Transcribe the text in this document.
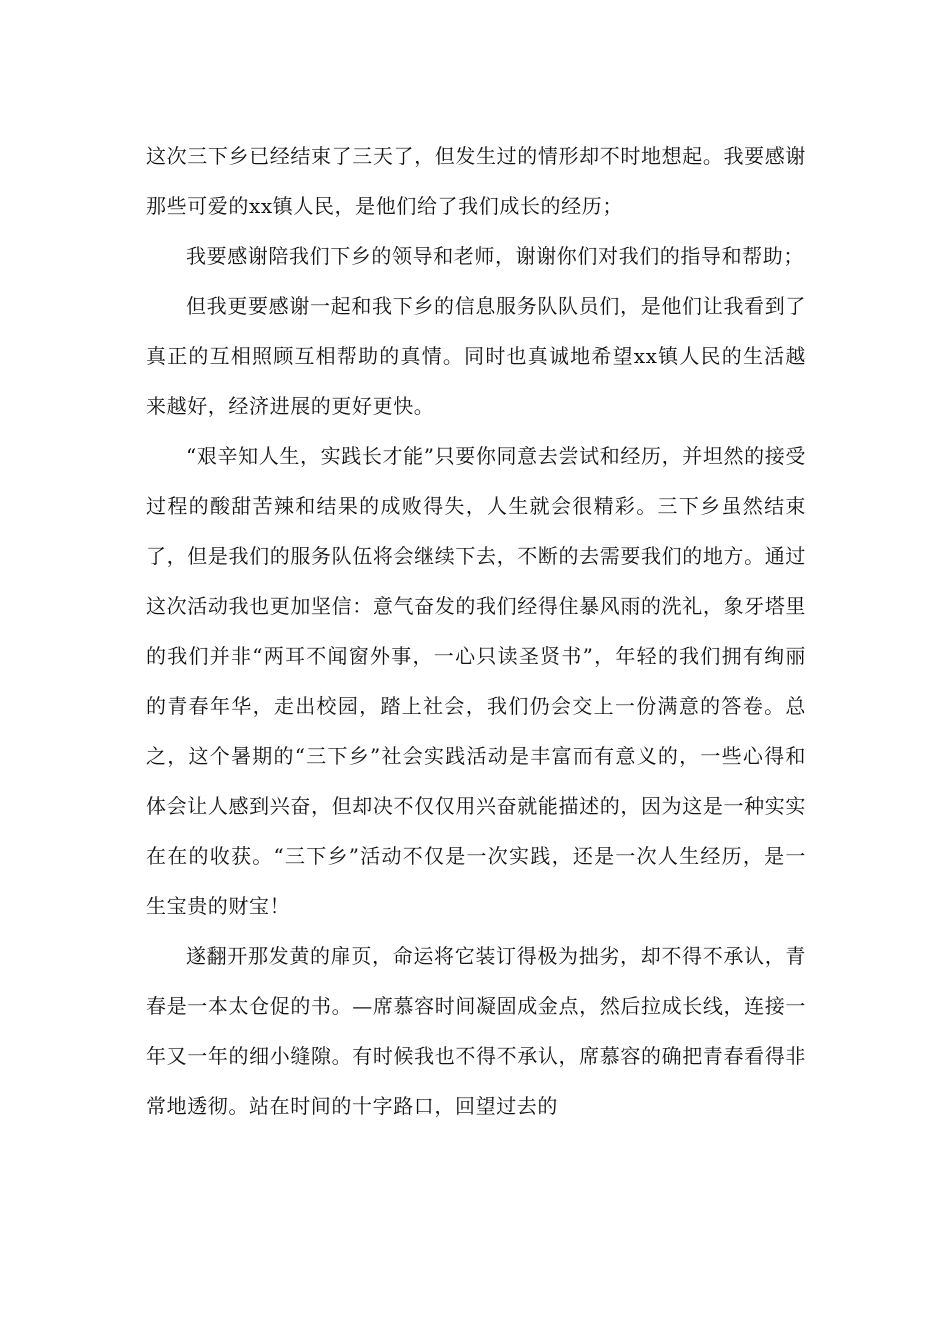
这次三下乡已经结束了三天了，但发生过的情形却不时地想起。我要感谢那些可爱的xx镇人民，是他们给了我们成长的经历；

我要感谢陪我们下乡的领导和老师，谢谢你们对我们的指导和帮助；

但我更要感谢一起和我下乡的信息服务队队员们，是他们让我看到了真正的互相照顾互相帮助的真情。同时也真诚地希望xx镇人民的生活越来越好，经济进展的更好更快。

“艰辛知人生，实践长才能”只要你同意去尝试和经历，并坦然的接受过程的酸甜苦辣和结果的成败得失，人生就会很精彩。三下乡虽然结束了，但是我们的服务队伍将会继续下去，不断的去需要我们的地方。通过这次活动我也更加坚信：意气奋发的我们经得住暴风雨的洗礼，象牙塔里的我们并非“两耳不闻窗外事，一心只读圣贤书”，年轻的我们拥有绚丽的青春年华，走出校园，踏上社会，我们仍会交上一份满意的答卷。总之，这个暑期的“三下乡”社会实践活动是丰富而有意义的，一些心得和体会让人感到兴奋，但却决不仅仅用兴奋就能描述的，因为这是一种实实在在的收获。“三下乡”活动不仅是一次实践，还是一次人生经历，是一生宝贵的财宝！

遂翻开那发黄的扉页，命运将它装订得极为拙劣，却不得不承认，青春是一本太仓促的书。—席慕容时间凝固成金点，然后拉成长线，连接一年又一年的细小缝隙。有时候我也不得不承认，席慕容的确把青春看得非常地透彻。站在时间的十字路口，回望过去的
